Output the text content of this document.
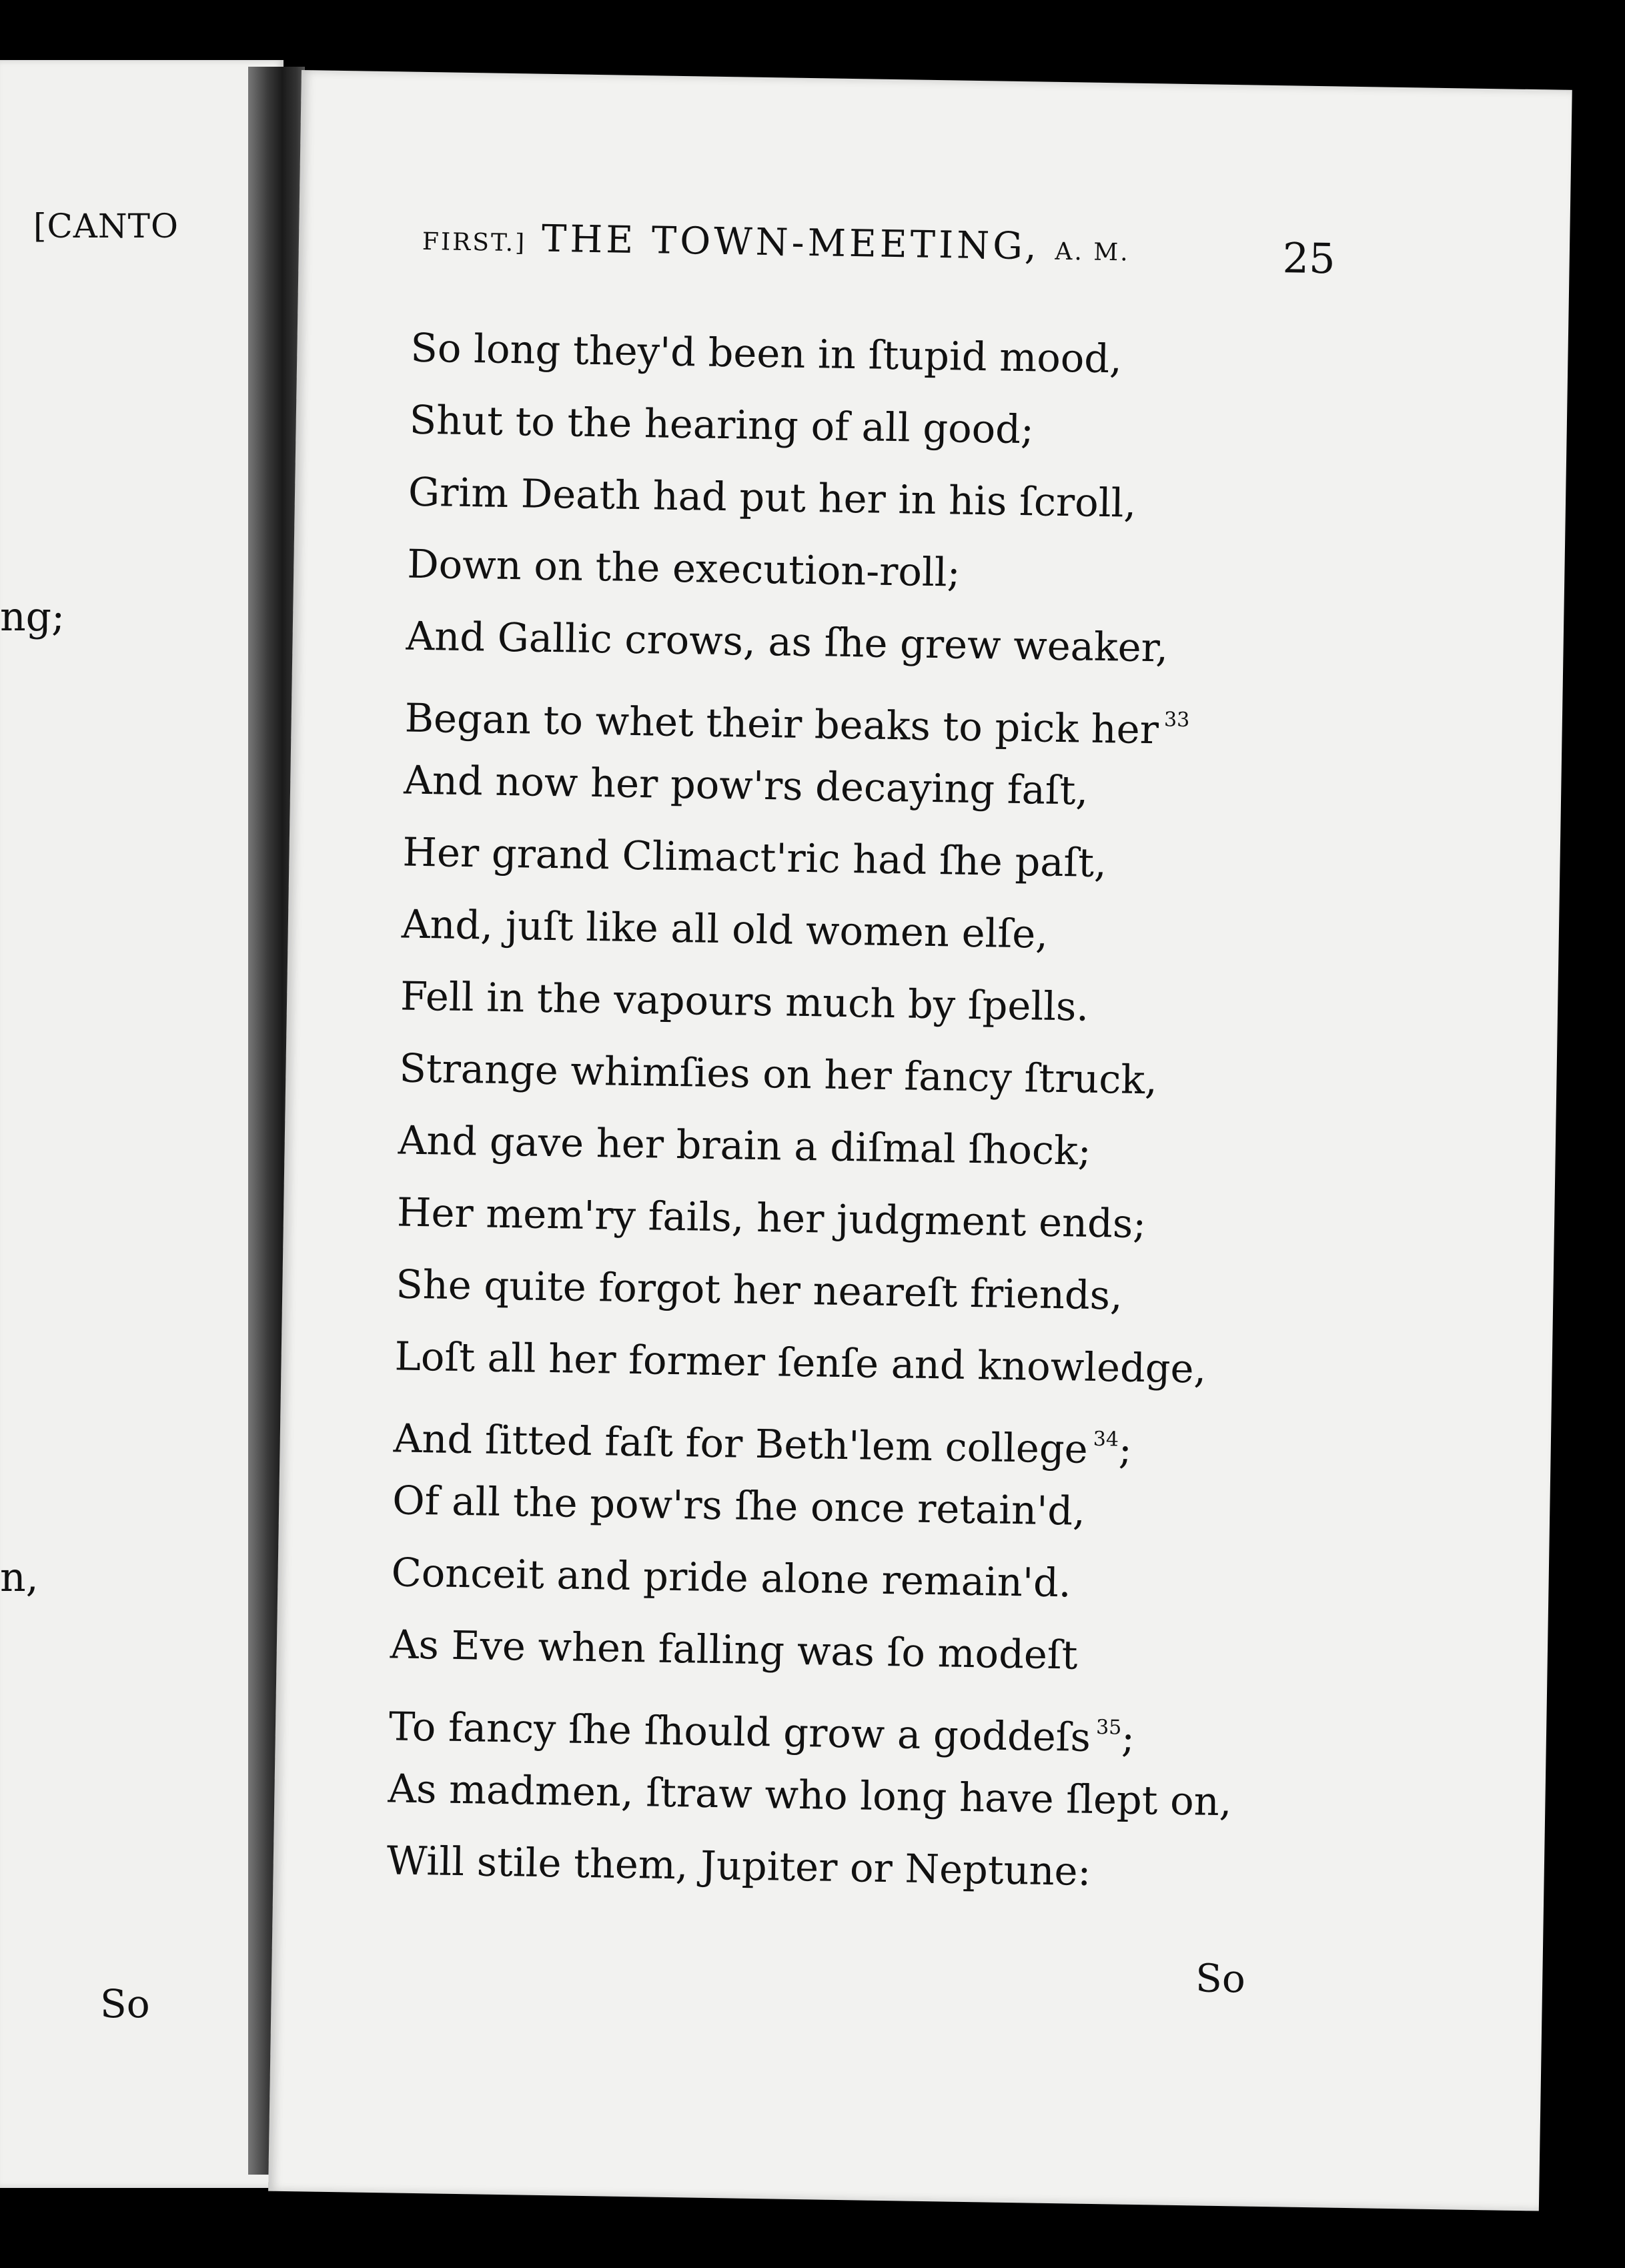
[CANTO
ng;
n,
So
FIRST.] THE TOWN-MEETING, A. M.	25
So long they'd been in ſtupid mood,
Shut to the hearing of all good;
Grim Death had put her in his ſcroll,
Down on the execution-roll;
And Gallic crows, as ſhe grew weaker,
Began to whet their beaks to pick her $^{33}$
And now her pow'rs decaying faſt,
Her grand Climact'ric had ſhe paſt,
And, juſt like all old women elſe,
Fell in the vapours much by ſpells.
Strange whimſies on her fancy ſtruck,
And gave her brain a diſmal ſhock;
Her mem'ry fails, her judgment ends;
She quite forgot her neareſt friends,
Loſt all her former ſenſe and knowledge,
And ſitted faſt for Beth'lem college $^{34}$;
Of all the pow'rs ſhe once retain'd,
Conceit and pride alone remain'd.
As Eve when falling was ſo modeſt
To fancy ſhe ſhould grow a goddeſs $^{35}$;
As madmen, ſtraw who long have ſlept on,
Will stile them, Jupiter or Neptune:
So
